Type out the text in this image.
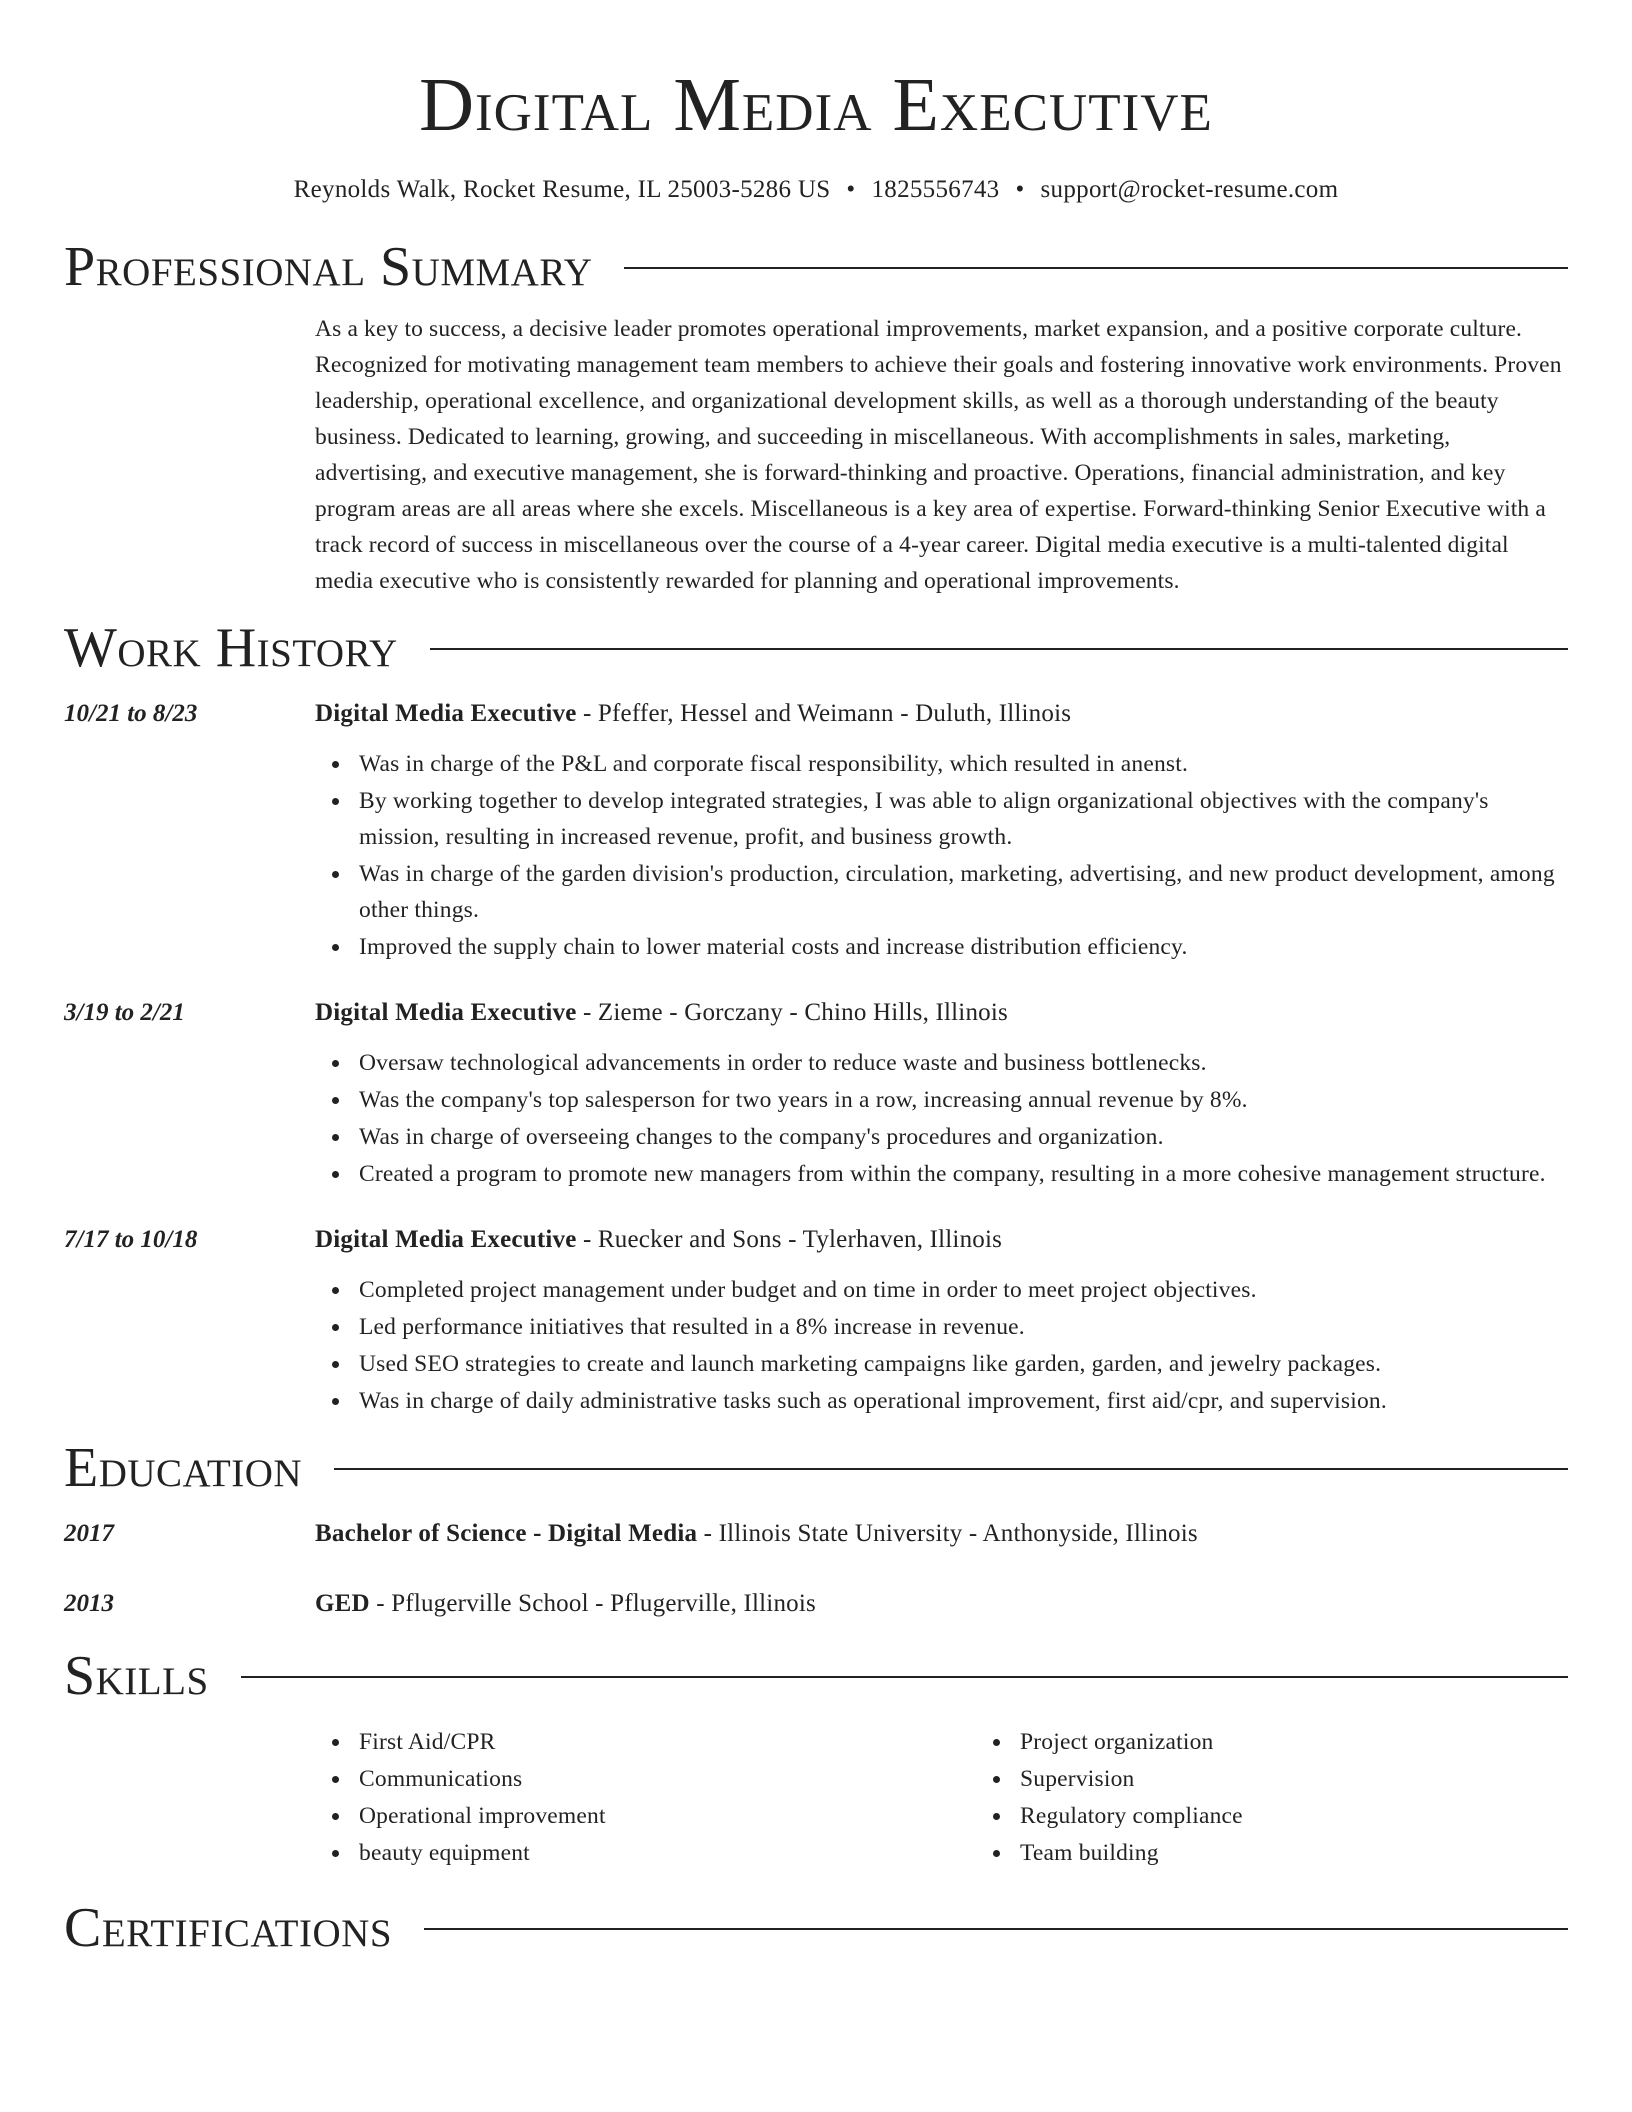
Digital Media Executive
Reynolds Walk, Rocket Resume, IL 25003-5286 US • 1825556743 • support@rocket-resume.com
Professional Summary

As a key to success, a decisive leader promotes operational improvements, market expansion, and a positive corporate culture. Recognized for motivating management team members to achieve their goals and fostering innovative work environments. Proven leadership, operational excellence, and organizational development skills, as well as a thorough understanding of the beauty business. Dedicated to learning, growing, and succeeding in miscellaneous. With accomplishments in sales, marketing, advertising, and executive management, she is forward-thinking and proactive. Operations, financial administration, and key program areas are all areas where she excels. Miscellaneous is a key area of expertise. Forward-thinking Senior Executive with a track record of success in miscellaneous over the course of a 4-year career. Digital media executive is a multi-talented digital media executive who is consistently rewarded for planning and operational improvements.

Work History
10/21 to 8/23	Digital Media Executive - Pfeffer, Hessel and Weimann - Duluth, Illinois
Was in charge of the P&L and corporate fiscal responsibility, which resulted in anenst.
By working together to develop integrated strategies, I was able to align organizational objectives with the company's mission, resulting in increased revenue, profit, and business growth.
Was in charge of the garden division's production, circulation, marketing, advertising, and new product development, among other things.
Improved the supply chain to lower material costs and increase distribution efficiency.
3/19 to 2/21	Digital Media Executive - Zieme - Gorczany - Chino Hills, Illinois
Oversaw technological advancements in order to reduce waste and business bottlenecks.
Was the company's top salesperson for two years in a row, increasing annual revenue by 8%.
Was in charge of overseeing changes to the company's procedures and organization.
Created a program to promote new managers from within the company, resulting in a more cohesive management structure.
7/17 to 10/18	Digital Media Executive - Ruecker and Sons - Tylerhaven, Illinois
Completed project management under budget and on time in order to meet project objectives.
Led performance initiatives that resulted in a 8% increase in revenue.
Used SEO strategies to create and launch marketing campaigns like garden, garden, and jewelry packages.
Was in charge of daily administrative tasks such as operational improvement, first aid/cpr, and supervision.
Education
2017	Bachelor of Science - Digital Media - Illinois State University - Anthonyside, Illinois
2013	GED - Pflugerville School - Pflugerville, Illinois
Skills
First Aid/CPR
Communications
Operational improvement
beauty equipment
Project organization
Supervision
Regulatory compliance
Team building
Certifications
